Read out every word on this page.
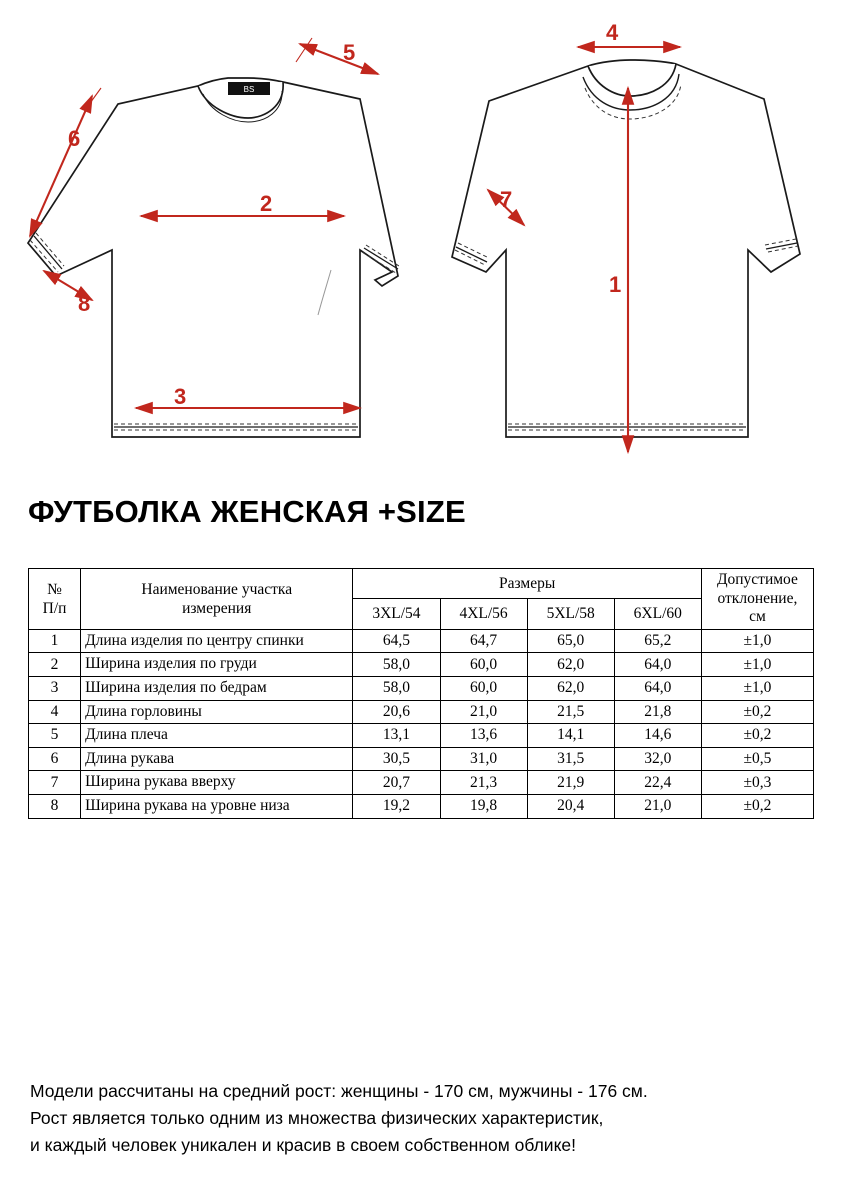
BS
5
6
8
2
3
4
1
7
ФУТБОЛКА ЖЕНСКАЯ +SIZE
№
П/п	Наименование участка
измерения	Размеры				Допустимое
отклонение,
см
		3XL/54	4XL/56	5XL/58	6XL/60	
1	Длина изделия по центру спинки	64,5	64,7	65,0	65,2	±1,0
2	Ширина изделия по груди	58,0	60,0	62,0	64,0	±1,0
3	Ширина изделия по бедрам	58,0	60,0	62,0	64,0	±1,0
4	Длина горловины	20,6	21,0	21,5	21,8	±0,2
5	Длина плеча	13,1	13,6	14,1	14,6	±0,2
6	Длина рукава	30,5	31,0	31,5	32,0	±0,5
7	Ширина рукава вверху	20,7	21,3	21,9	22,4	±0,3
8	Ширина рукава на уровне низа	19,2	19,8	20,4	21,0	±0,2
Модели рассчитаны на средний рост: женщины - 170 см, мужчины - 176 см.
Рост является только одним из множества физических характеристик,
и каждый человек уникален и красив в своем собственном облике!
